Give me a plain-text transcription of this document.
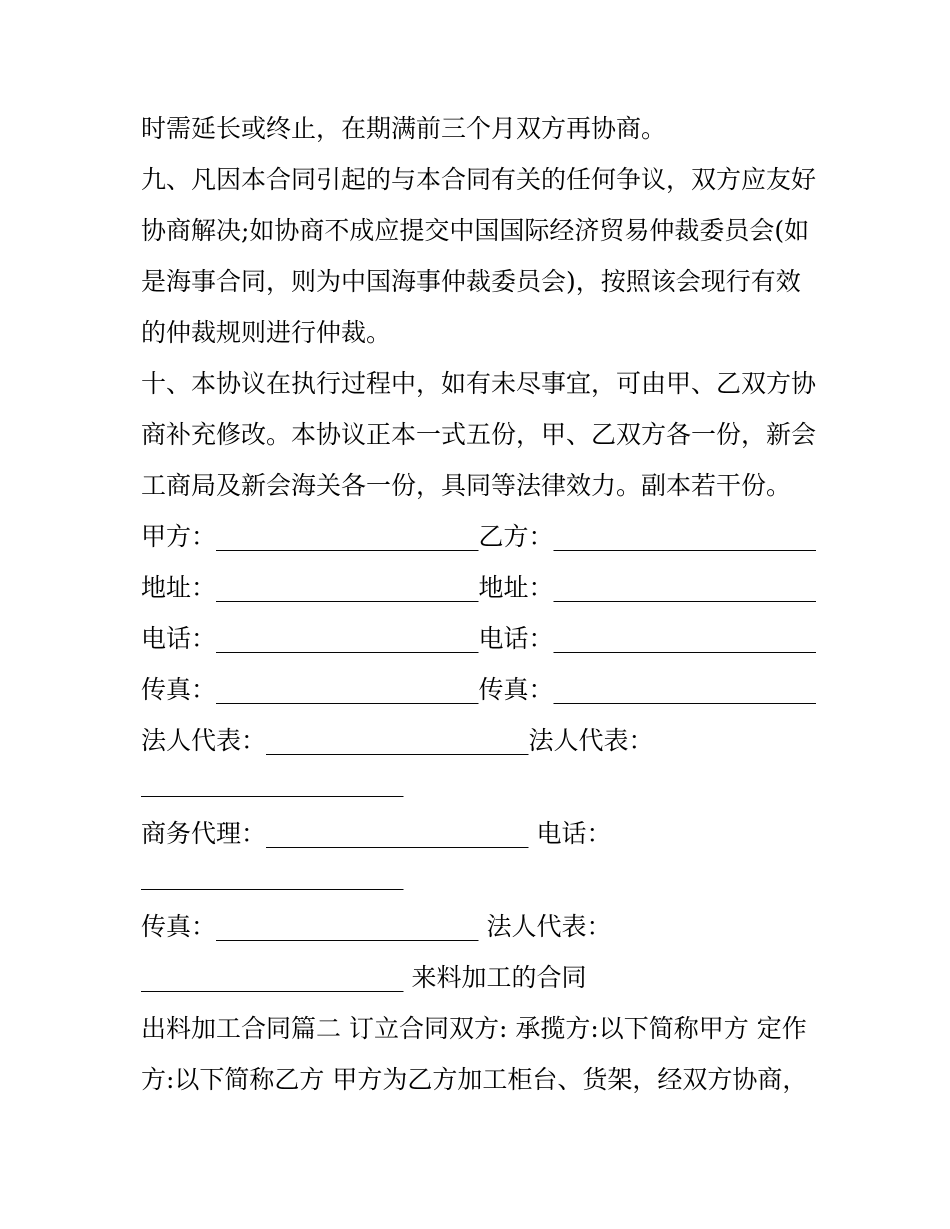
时需延长或终止，在期满前三个月双方再协商。

九、凡因本合同引起的与本合同有关的任何争议，双方应友好

协商解决;如协商不成应提交中国国际经济贸易仲裁委员会(如

是海事合同，则为中国海事仲裁委员会)，按照该会现行有效

的仲裁规则进行仲裁。

十、本协议在执行过程中，如有未尽事宜，可由甲、乙双方协

商补充修改。本协议正本一式五份，甲、乙双方各一份，新会

工商局及新会海关各一份，具同等法律效力。副本若干份。

甲方：_____________________乙方：_____________________

地址：_____________________地址：_____________________

电话：_____________________电话：_____________________

传真：_____________________传真：_____________________

法人代表：_____________________法人代表：

_____________________

商务代理：_____________________ 电话：

_____________________

传真：_____________________ 法人代表：

_____________________ 来料加工的合同

出料加工合同篇二 订立合同双方: 承揽方:以下简称甲方 定作

方:以下简称乙方 甲方为乙方加工柜台、货架，经双方协商，
